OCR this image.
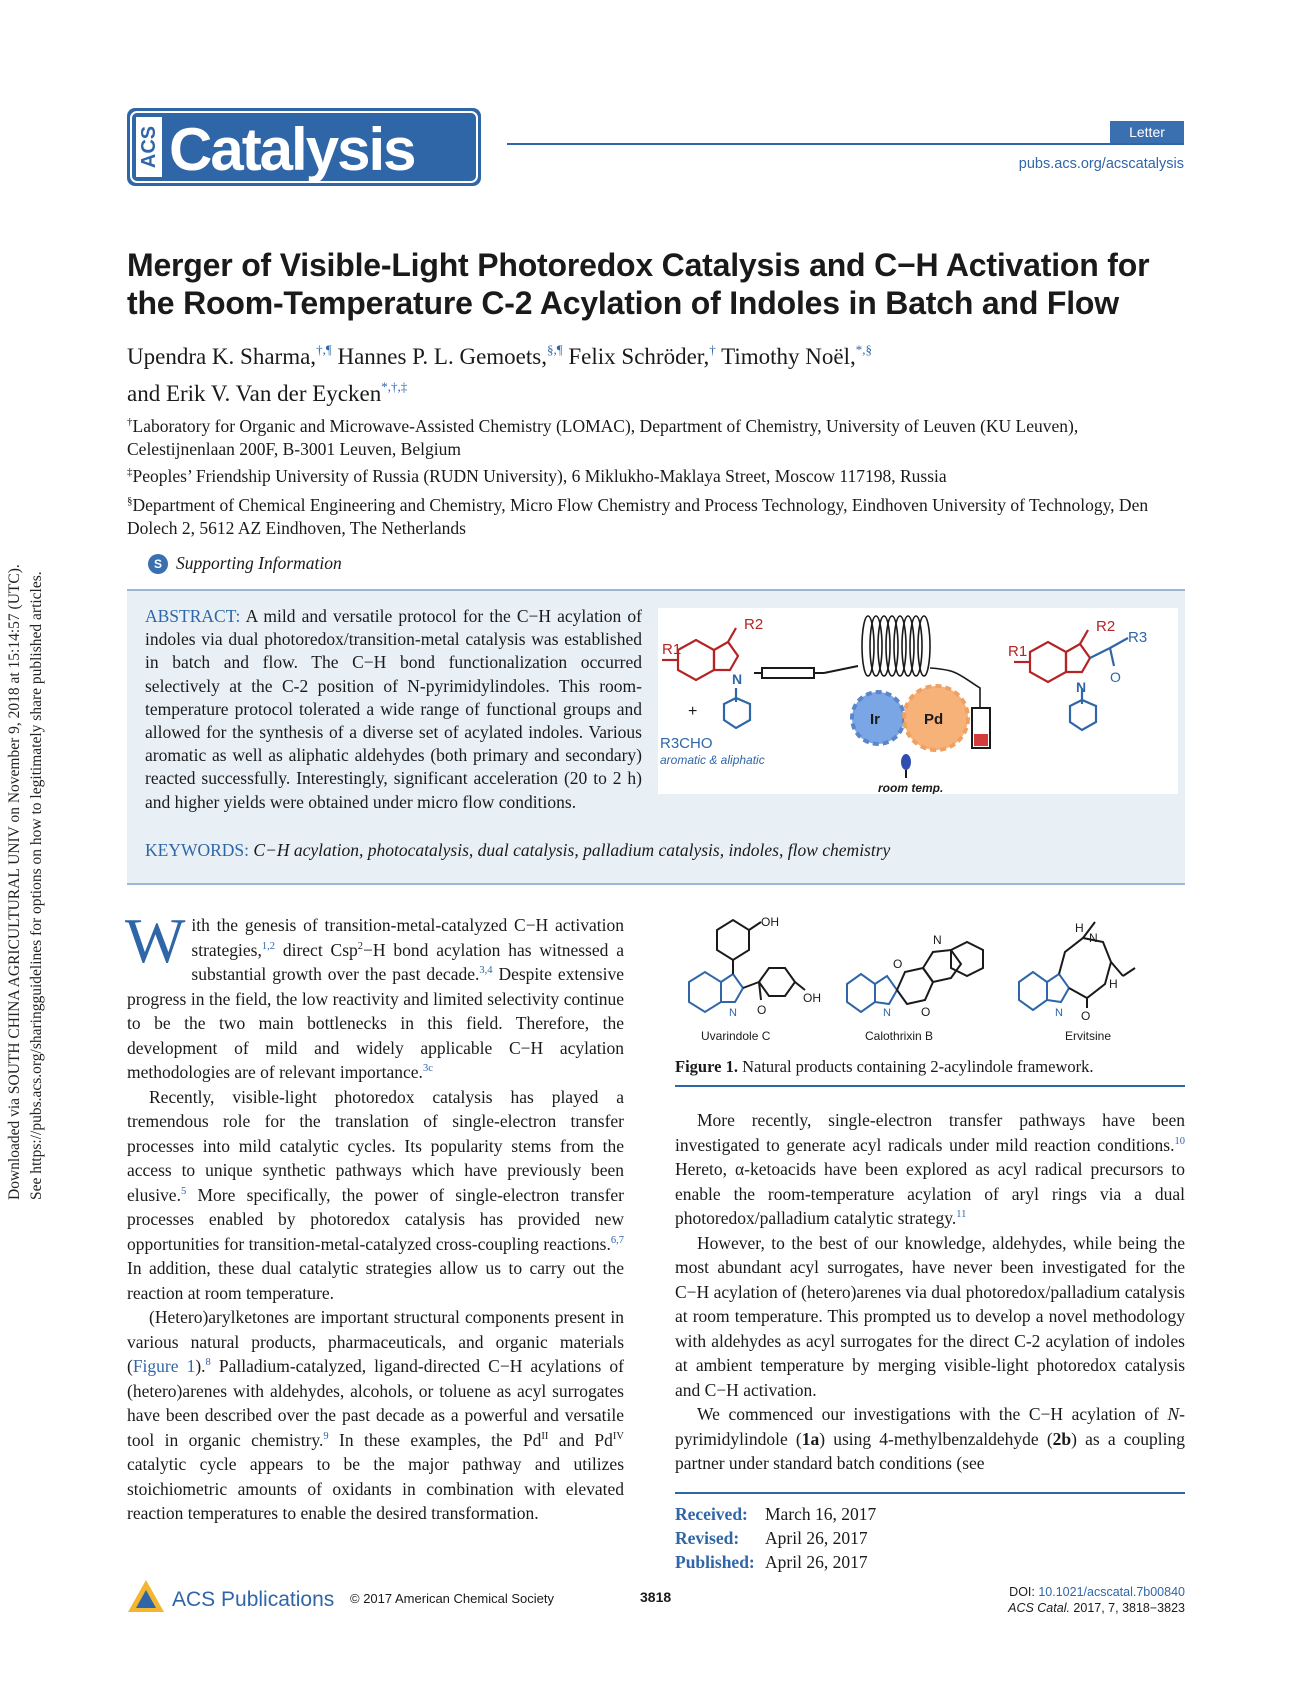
Downloaded via SOUTH CHINA AGRICULTURAL UNIV on November 9, 2018 at 15:14:57 (UTC). See https://pubs.acs.org/sharingguidelines for options on how to legitimately share published articles.
ACS Catalysis	Letter
pubs.acs.org/acscatalysis
Merger of Visible-Light Photoredox Catalysis and C−H Activation for the Room-Temperature C-2 Acylation of Indoles in Batch and Flow
Upendra K. Sharma,†,¶ Hannes P. L. Gemoets,§,¶ Felix Schröder,† Timothy Noël,*,§
and Erik V. Van der Eycken*,†,‡
†Laboratory for Organic and Microwave-Assisted Chemistry (LOMAC), Department of Chemistry, University of Leuven (KU Leuven), Celestijnenlaan 200F, B-3001 Leuven, Belgium
‡Peoples’ Friendship University of Russia (RUDN University), 6 Miklukho-Maklaya Street, Moscow 117198, Russia
§Department of Chemical Engineering and Chemistry, Micro Flow Chemistry and Process Technology, Eindhoven University of Technology, Den Dolech 2, 5612 AZ Eindhoven, The Netherlands
S Supporting Information
ABSTRACT: A mild and versatile protocol for the C−H acylation of indoles via dual photoredox/transition-metal catalysis was established in batch and flow. The C−H bond functionalization occurred selectively at the C-2 position of N-pyrimidylindoles. This room-temperature protocol tolerated a wide range of functional groups and allowed for the synthesis of a diverse set of acylated indoles. Various aromatic as well as aliphatic aldehydes (both primary and secondary) reacted successfully. Interestingly, significant acceleration (20 to 2 h) and higher yields were obtained under micro flow conditions.
R2
R1
N
+
R3CHO
aromatic & aliphatic
Ir	Pd
room temp.
R2
R1
R3
O
N
KEYWORDS: C−H acylation, photocatalysis, dual catalysis, palladium catalysis, indoles, flow chemistry

With the genesis of transition-metal-catalyzed C−H activation strategies,$^{1,2}$ direct Csp$^2$−H bond acylation has witnessed a substantial growth over the past decade.$^{3,4}$ Despite extensive progress in the field, the low reactivity and limited selectivity continue to be the two main bottlenecks in this field. Therefore, the development of mild and widely applicable C−H acylation methodologies are of relevant importance.$^{3c}$

Recently, visible-light photoredox catalysis has played a tremendous role for the translation of single-electron transfer processes into mild catalytic cycles. Its popularity stems from the access to unique synthetic pathways which have previously been elusive.$^5$ More specifically, the power of single-electron transfer processes enabled by photoredox catalysis has provided new opportunities for transition-metal-catalyzed cross-coupling reactions.$^{6,7}$ In addition, these dual catalytic strategies allow us to carry out the reaction at room temperature.

(Hetero)arylketones are important structural components present in various natural products, pharmaceuticals, and organic materials (Figure 1).$^8$ Palladium-catalyzed, ligand-directed C−H acylations of (hetero)arenes with aldehydes, alcohols, or toluene as acyl surrogates have been described over the past decade as a powerful and versatile tool in organic chemistry.$^9$ In these examples, the $Pd^{II}$ and $Pd^{IV}$ catalytic cycle appears to be the major pathway and utilizes stoichiometric amounts of oxidants in combination with elevated reaction temperatures to enable the desired transformation.

OH
OH
O
N
Uvarindole C
O
O
N
N
Calothrixin B
H
N
H
O
N
Ervitsine
Figure 1. Natural products containing 2-acylindole framework.

More recently, single-electron transfer pathways have been investigated to generate acyl radicals under mild reaction conditions.$^{10}$ Hereto, α-ketoacids have been explored as acyl radical precursors to enable the room-temperature acylation of aryl rings via a dual photoredox/palladium catalytic strategy.$^{11}$

However, to the best of our knowledge, aldehydes, while being the most abundant acyl surrogates, have never been investigated for the C−H acylation of (hetero)arenes via dual photoredox/palladium catalysis at room temperature. This prompted us to develop a novel methodology with aldehydes as acyl surrogates for the direct C-2 acylation of indoles at ambient temperature by merging visible-light photoredox catalysis and C−H activation.

We commenced our investigations with the C−H acylation of N-pyrimidylindole (1a) using 4-methylbenzaldehyde (2b) as a coupling partner under standard batch conditions (see

Received: March 16, 2017
Revised: April 26, 2017
Published: April 26, 2017
ACS Publications © 2017 American Chemical Society	3818	DOI: 10.1021/acscatal.7b00840
ACS Catal. 2017, 7, 3818−3823
